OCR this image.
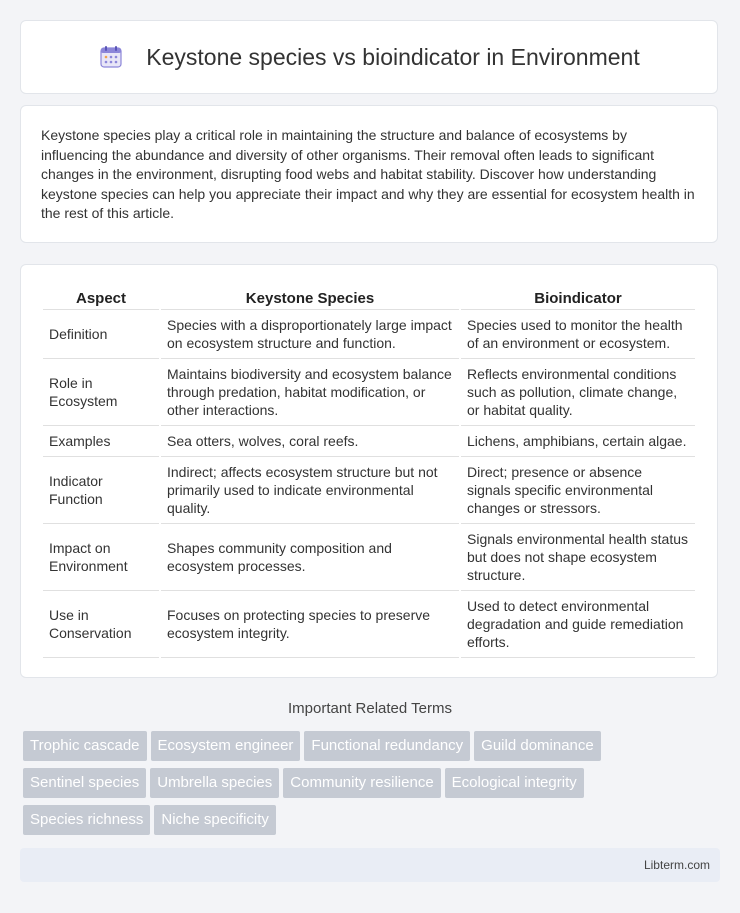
Keystone species vs bioindicator in Environment

Keystone species play a critical role in maintaining the structure and balance of ecosystems by influencing the abundance and diversity of other organisms. Their removal often leads to significant changes in the environment, disrupting food webs and habitat stability. Discover how understanding keystone species can help you appreciate their impact and why they are essential for ecosystem health in the rest of this article.

Aspect	Keystone Species	Bioindicator
Definition	Species with a disproportionately large impact on ecosystem structure and function.	Species used to monitor the health of an environment or ecosystem.
Role in Ecosystem	Maintains biodiversity and ecosystem balance through predation, habitat modification, or other interactions.	Reflects environmental conditions such as pollution, climate change, or habitat quality.
Examples	Sea otters, wolves, coral reefs.	Lichens, amphibians, certain algae.
Indicator Function	Indirect; affects ecosystem structure but not primarily used to indicate environmental quality.	Direct; presence or absence signals specific environmental changes or stressors.
Impact on Environment	Shapes community composition and ecosystem processes.	Signals environmental health status but does not shape ecosystem structure.
Use in Conservation	Focuses on protecting species to preserve ecosystem integrity.	Used to detect environmental degradation and guide remediation efforts.
Important Related Terms
Trophic cascade Ecosystem engineer Functional redundancy Guild dominance
Sentinel species Umbrella species Community resilience Ecological integrity
Species richness Niche specificity
Libterm.com
